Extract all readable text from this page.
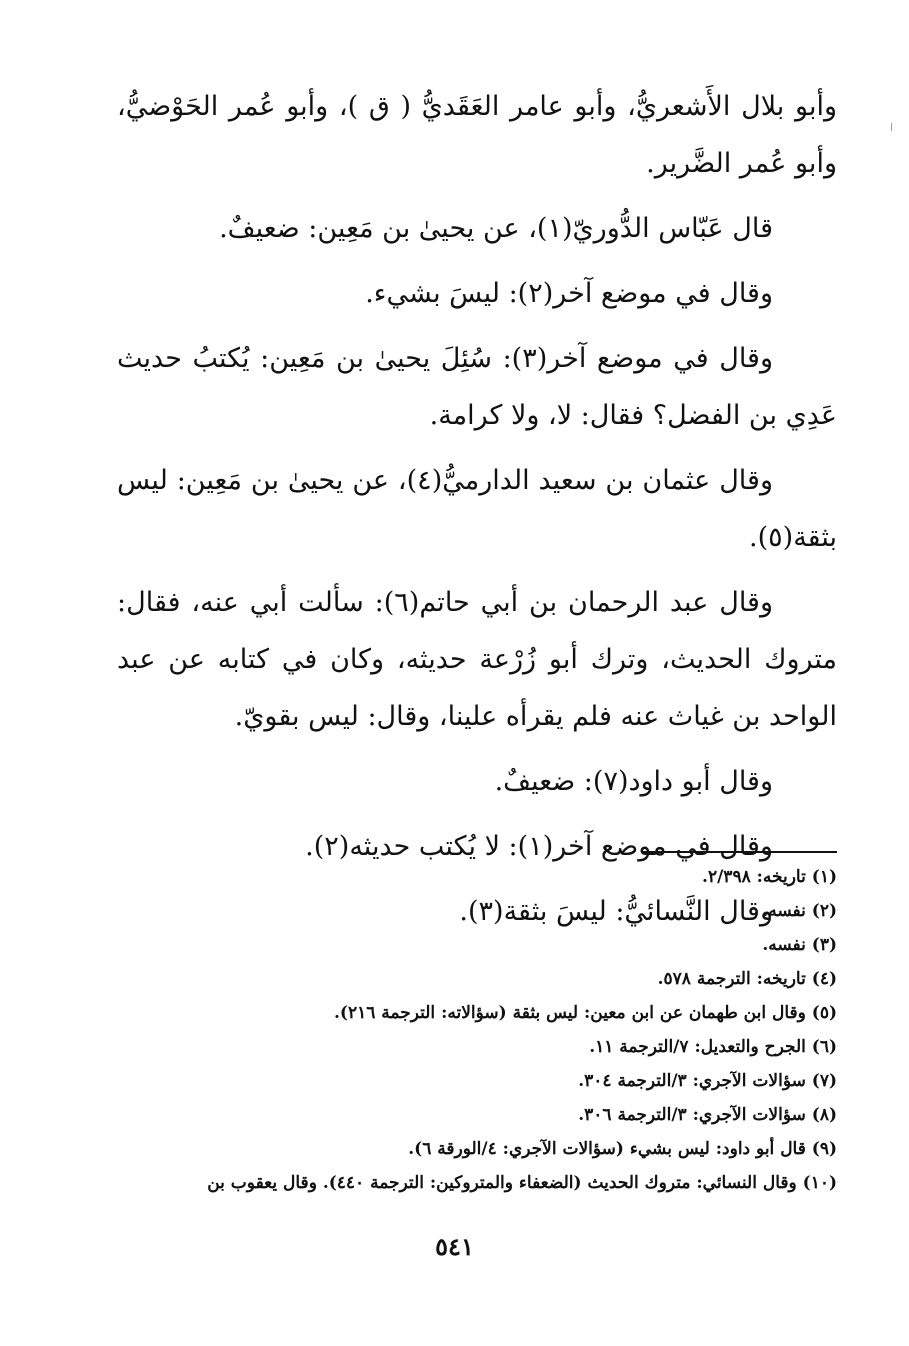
وأبو بلال الأَشعريُّ، وأبو عامر العَقَديُّ ( ق )، وأبو عُمر الحَوْضيُّ، وأبو عُمر الضَّرير.

قال عَبّاس الدُّوريّ(١)، عن يحيىٰ بن مَعِين: ضعيفٌ.

وقال في موضع آخر(٢): ليسَ بشيء.

وقال في موضع آخر(٣): سُئِلَ يحيىٰ بن مَعِين: يُكتبُ حديث عَدِي بن الفضل؟ فقال: لا، ولا كرامة.

وقال عثمان بن سعيد الدارميُّ(٤)، عن يحيىٰ بن مَعِين: ليس بثقة(٥).

وقال عبد الرحمان بن أبي حاتم(٦): سألت أبي عنه، فقال: متروك الحديث، وترك أبو زُرْعة حديثه، وكان في كتابه عن عبد الواحد بن غياث عنه فلم يقرأه علينا، وقال: ليس بقويّ.

وقال أبو داود(٧): ضعيفٌ.

وقال في موضع آخر(١): لا يُكتب حديثه(٢).

وقال النَّسائيُّ: ليسَ بثقة(٣).

(١) تاريخه: ٢/٣٩٨.
(٢) نفسه.
(٣) نفسه.
(٤) تاريخه: الترجمة ٥٧٨.
(٥) وقال ابن طهمان عن ابن معين: ليس بثقة (سؤالاته: الترجمة ٢١٦).
(٦) الجرح والتعديل: ٧/الترجمة ١١.
(٧) سؤالات الآجري: ٣/الترجمة ٣٠٤.
(٨) سؤالات الآجري: ٣/الترجمة ٣٠٦.
(٩) قال أبو داود: ليس بشيء (سؤالات الآجري: ٤/الورقة ٦).
(١٠) وقال النسائي: متروك الحديث (الضعفاء والمتروكين: الترجمة ٤٤٠). وقال يعقوب بن
٥٤١
